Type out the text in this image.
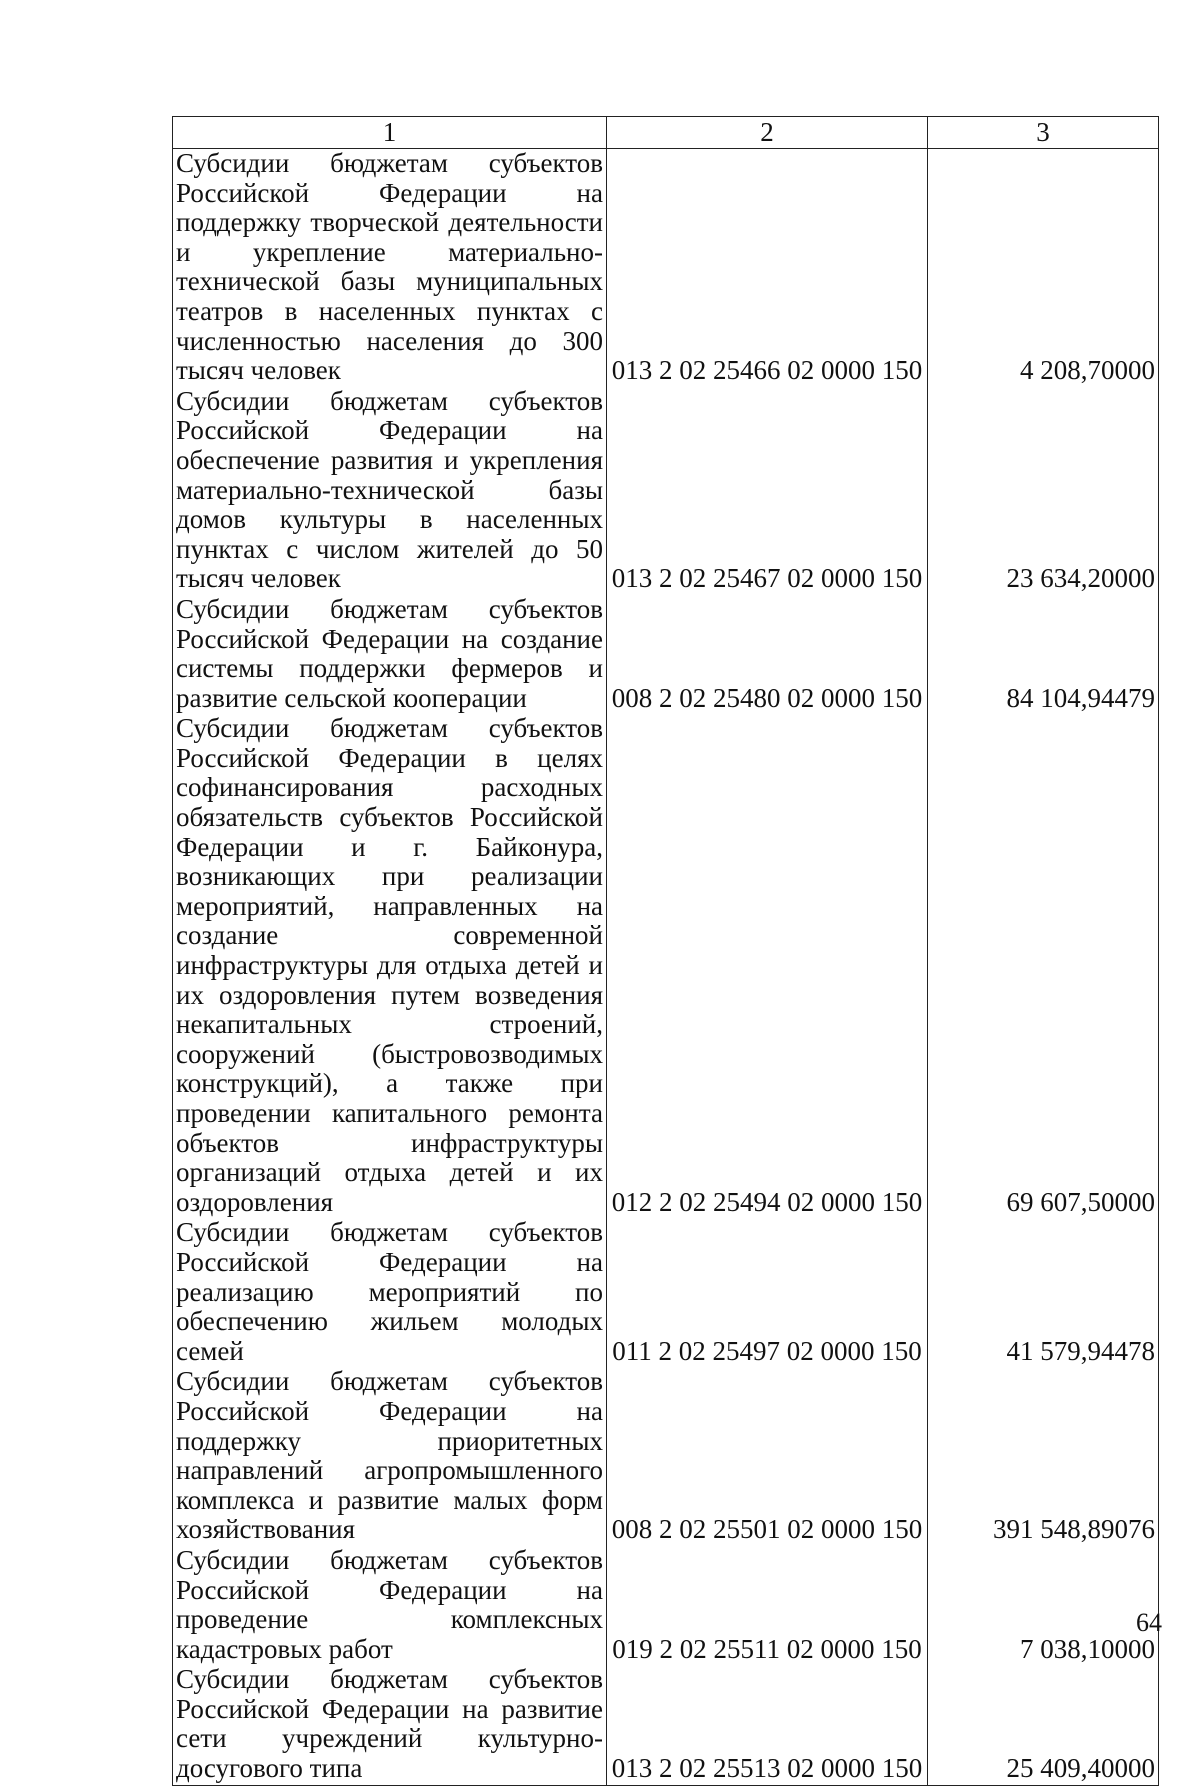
1	2	3
Субсидии бюджетам субъектов Российской Федерации на поддержку творческой деятельности и укрепление материально-технической базы муниципальных театров в населенных пунктах с численностью населения до 300 тысяч человек	013 2 02 25466 02 0000 150	4 208,70000
Субсидии бюджетам субъектов Российской Федерации на обеспечение развития и укрепления материально-технической базы домов культуры в населенных пунктах с числом жителей до 50 тысяч человек	013 2 02 25467 02 0000 150	23 634,20000
Субсидии бюджетам субъектов Российской Федерации на создание системы поддержки фермеров и развитие сельской кооперации	008 2 02 25480 02 0000 150	84 104,94479
Субсидии бюджетам субъектов Российской Федерации в целях софинансирования расходных обязательств субъектов Российской Федерации и г. Байконура, возникающих при реализации мероприятий, направленных на создание современной инфраструктуры для отдыха детей и их оздоровления путем возведения некапитальных строений, сооружений (быстровозводимых конструкций), а также при проведении капитального ремонта объектов инфраструктуры организаций отдыха детей и их оздоровления	012 2 02 25494 02 0000 150	69 607,50000
Субсидии бюджетам субъектов Российской Федерации на реализацию мероприятий по обеспечению жильем молодых семей	011 2 02 25497 02 0000 150	41 579,94478
Субсидии бюджетам субъектов Российской Федерации на поддержку приоритетных направлений агропромышленного комплекса и развитие малых форм хозяйствования	008 2 02 25501 02 0000 150	391 548,89076
Субсидии бюджетам субъектов Российской Федерации на проведение комплексных кадастровых работ	019 2 02 25511 02 0000 150	7 038,10000
Субсидии бюджетам субъектов Российской Федерации на развитие сети учреждений культурно-досугового типа	013 2 02 25513 02 0000 150	25 409,40000
64
